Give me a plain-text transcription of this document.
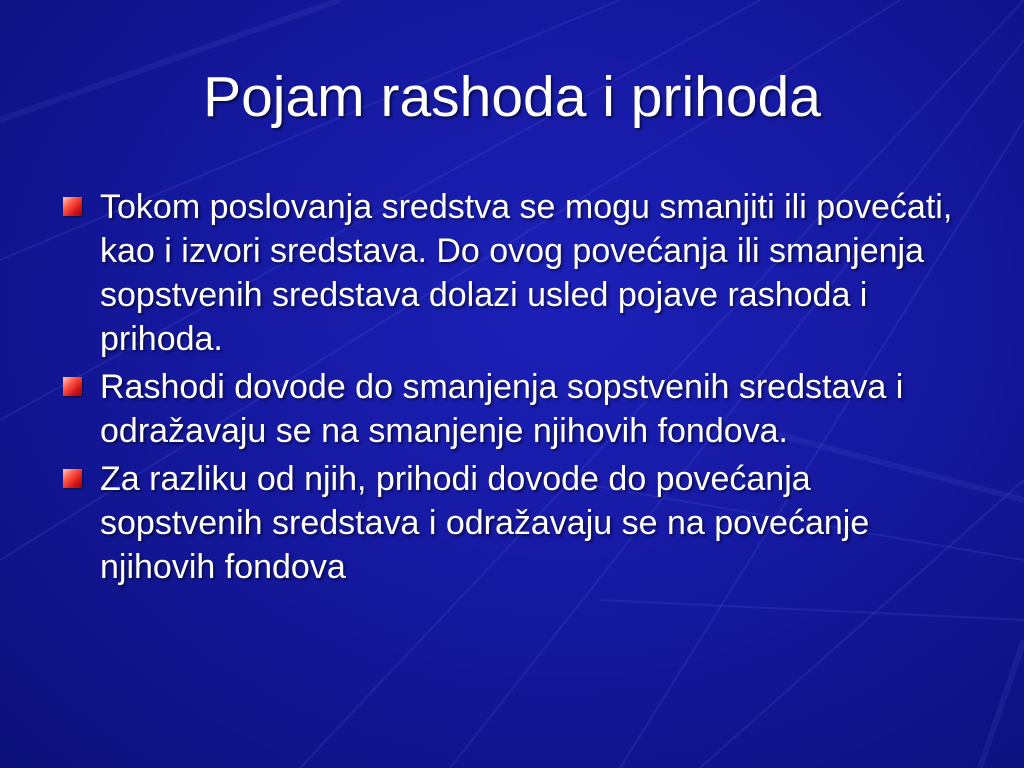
Pojam rashoda i prihoda
Tokom poslovanja sredstva se mogu smanjiti ili povećati, kao i izvori sredstava. Do ovog povećanja ili smanjenja sopstvenih sredstava dolazi usled pojave rashoda i prihoda.
Rashodi dovode do smanjenja sopstvenih sredstava i odražavaju se na smanjenje njihovih fondova.
Za razliku od njih, prihodi dovode do povećanja sopstvenih sredstava i odražavaju se na povećanje njihovih fondova
